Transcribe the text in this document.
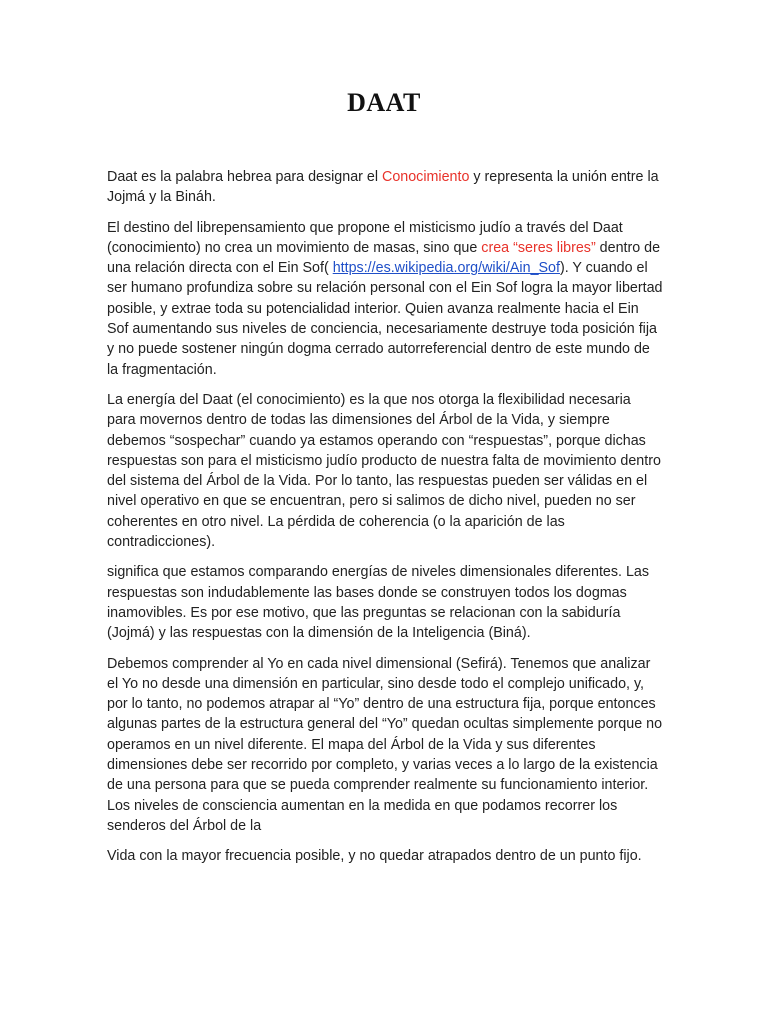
DAAT

Daat es la palabra hebrea para designar el Conocimiento y representa la unión entre la Jojmá y la Bináh.

El destino del librepensamiento que propone el misticismo judío a través del Daat (conocimiento) no crea un movimiento de masas, sino que crea “seres libres” dentro de una relación directa con el Ein Sof( https://es.wikipedia.org/wiki/Ain_Sof). Y cuando el ser humano profundiza sobre su relación personal con el Ein Sof logra la mayor libertad posible, y extrae toda su potencialidad interior. Quien avanza realmente hacia el Ein Sof aumentando sus niveles de conciencia, necesariamente destruye toda posición fija y no puede sostener ningún dogma cerrado autorreferencial dentro de este mundo de la fragmentación.

La energía del Daat (el conocimiento) es la que nos otorga la flexibilidad necesaria para movernos dentro de todas las dimensiones del Árbol de la Vida, y siempre debemos “sospechar” cuando ya estamos operando con “respuestas”, porque dichas respuestas son para el misticismo judío producto de nuestra falta de movimiento dentro del sistema del Árbol de la Vida. Por lo tanto, las respuestas pueden ser válidas en el nivel operativo en que se encuentran, pero si salimos de dicho nivel, pueden no ser coherentes en otro nivel. La pérdida de coherencia (o la aparición de las contradicciones).

significa que estamos comparando energías de niveles dimensionales diferentes. Las respuestas son indudablemente las bases donde se construyen todos los dogmas inamovibles. Es por ese motivo, que las preguntas se relacionan con la sabiduría (Jojmá) y las respuestas con la dimensión de la Inteligencia (Biná).

Debemos comprender al Yo en cada nivel dimensional (Sefirá). Tenemos que analizar el Yo no desde una dimensión en particular, sino desde todo el complejo unificado, y, por lo tanto, no podemos atrapar al “Yo” dentro de una estructura fija, porque entonces algunas partes de la estructura general del “Yo” quedan ocultas simplemente porque no operamos en un nivel diferente. El mapa del Árbol de la Vida y sus diferentes dimensiones debe ser recorrido por completo, y varias veces a lo largo de la existencia de una persona para que se pueda comprender realmente su funcionamiento interior. Los niveles de consciencia aumentan en la medida en que podamos recorrer los senderos del Árbol de la

Vida con la mayor frecuencia posible, y no quedar atrapados dentro de un punto fijo.
